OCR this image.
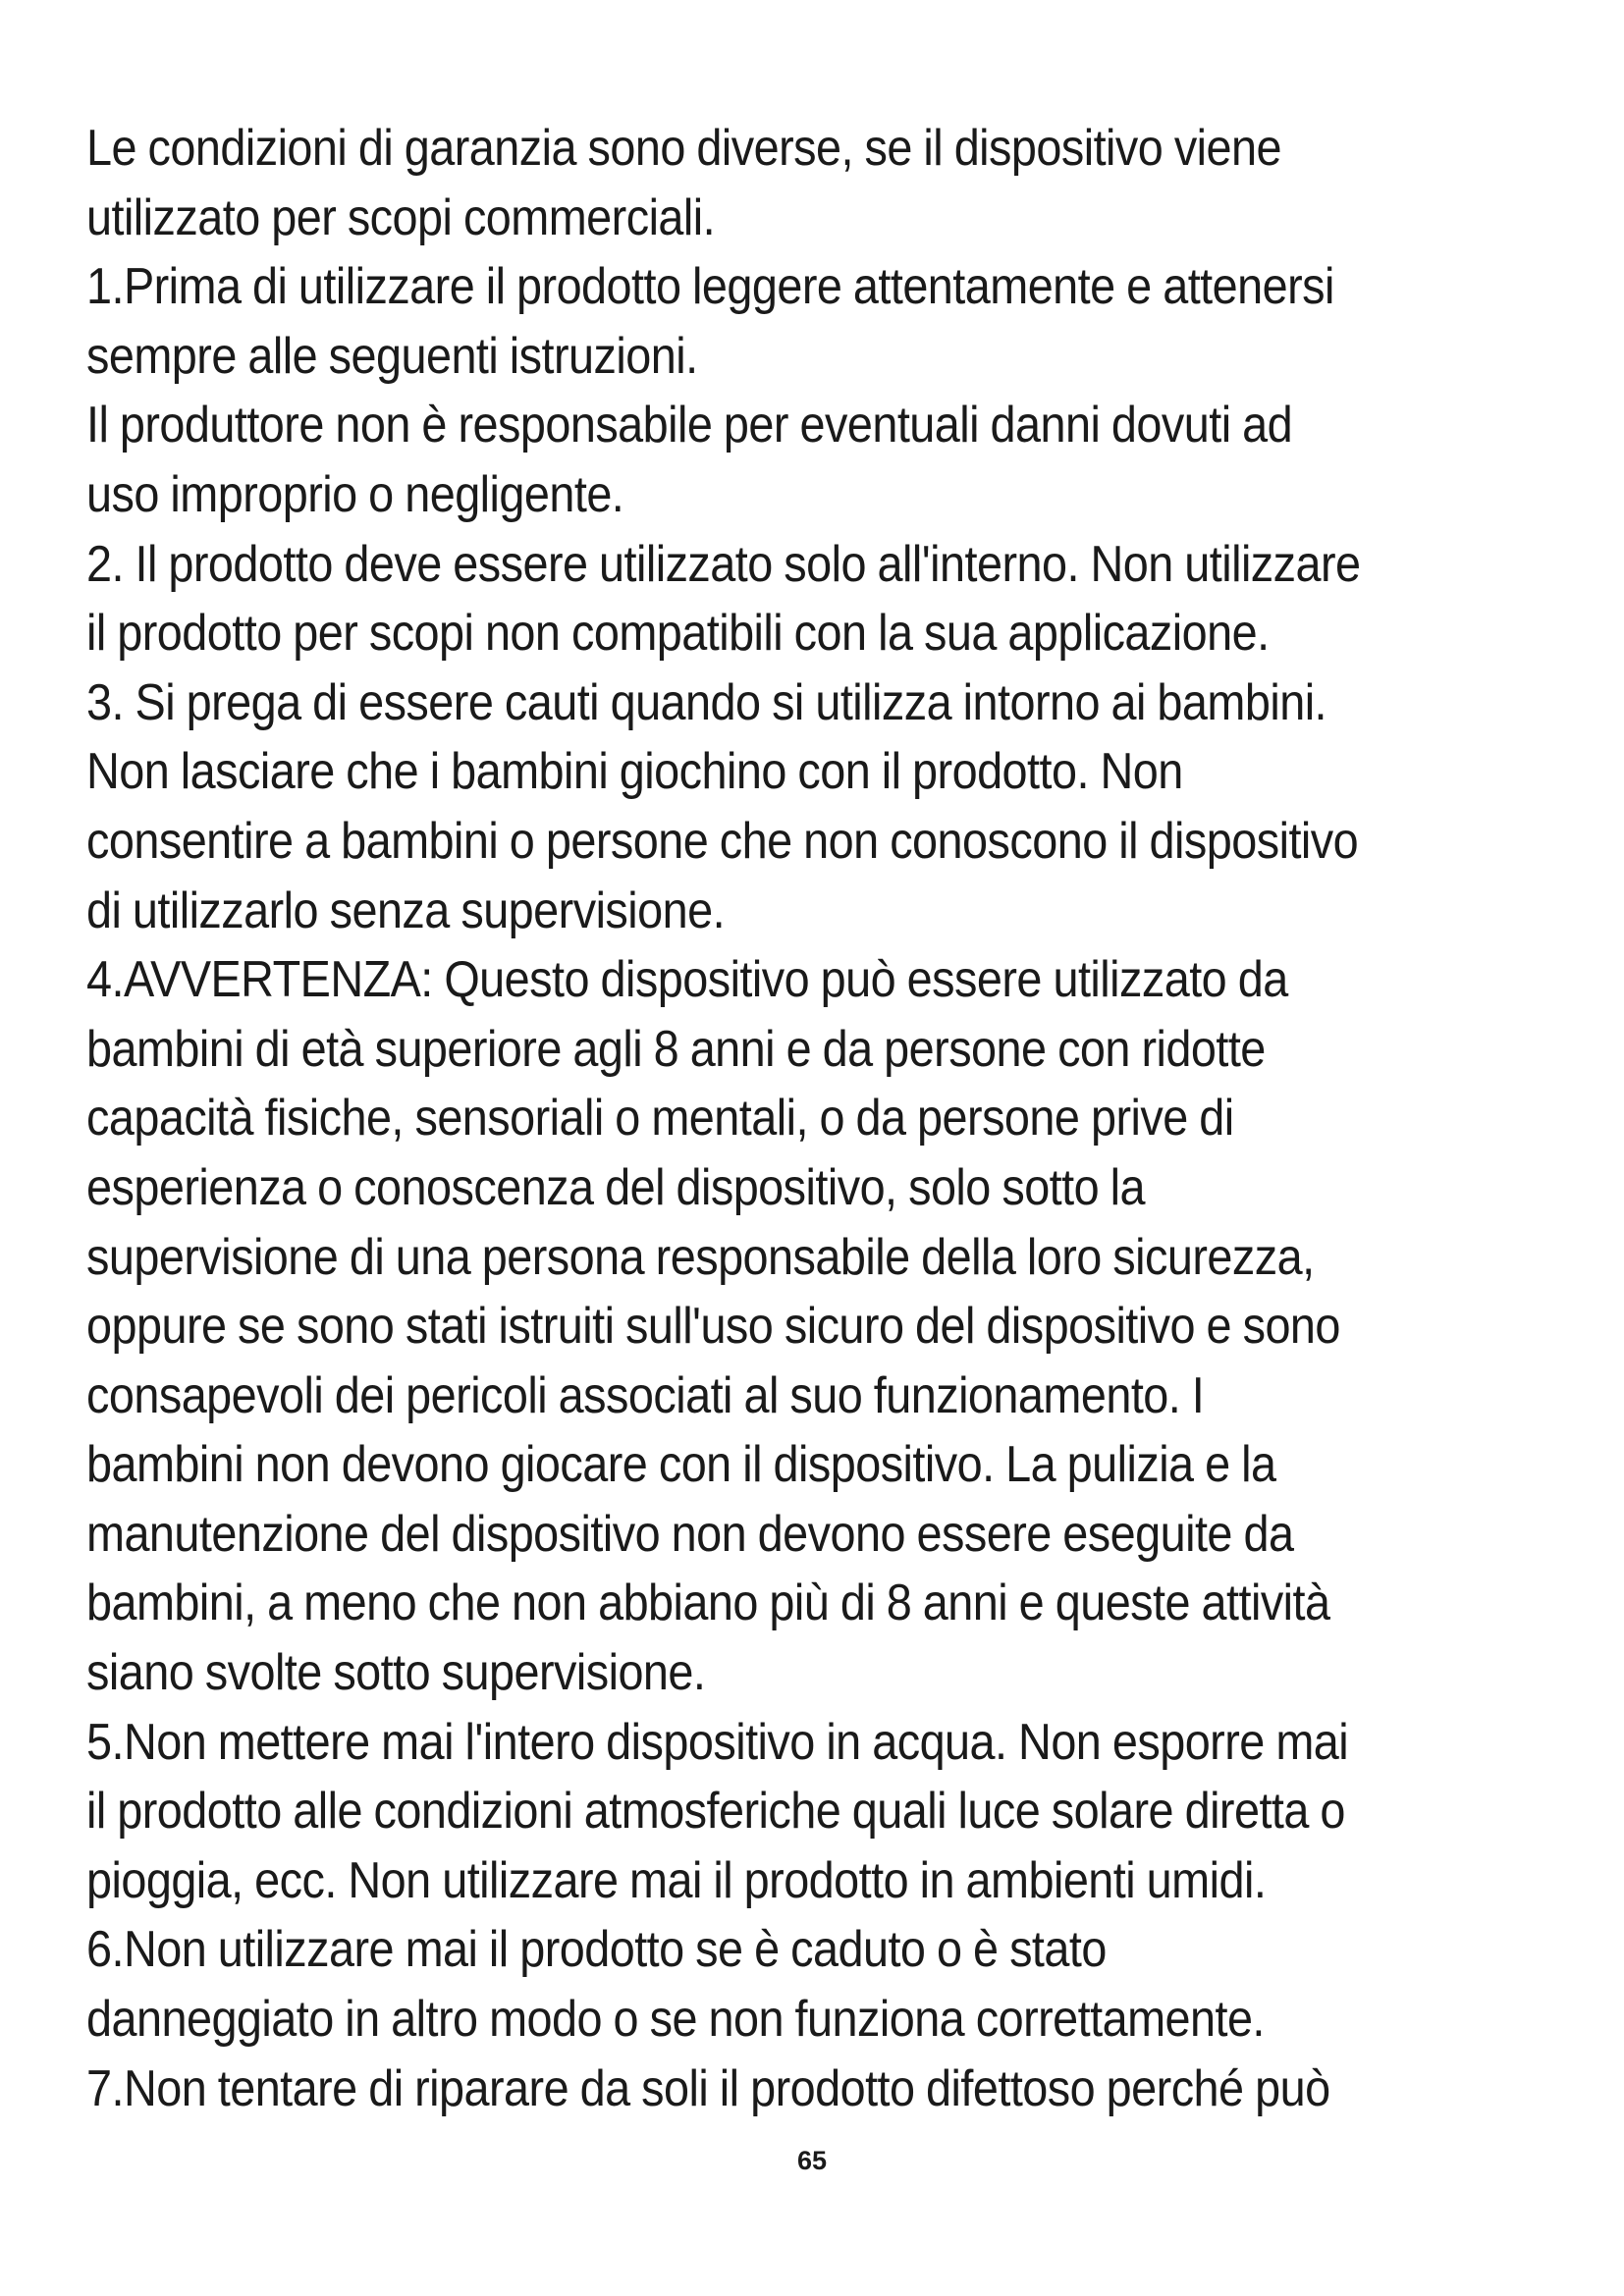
Le condizioni di garanzia sono diverse, se il dispositivo viene
utilizzato per scopi commerciali.

1.Prima di utilizzare il prodotto leggere attentamente e attenersi
sempre alle seguenti istruzioni.

Il produttore non è responsabile per eventuali danni dovuti ad
uso improprio o negligente.

2. Il prodotto deve essere utilizzato solo all'interno. Non utilizzare
il prodotto per scopi non compatibili con la sua applicazione.

3. Si prega di essere cauti quando si utilizza intorno ai bambini.
Non lasciare che i bambini giochino con il prodotto. Non
consentire a bambini o persone che non conoscono il dispositivo
di utilizzarlo senza supervisione.

4.AVVERTENZA: Questo dispositivo può essere utilizzato da
bambini di età superiore agli 8 anni e da persone con ridotte
capacità fisiche, sensoriali o mentali, o da persone prive di
esperienza o conoscenza del dispositivo, solo sotto la
supervisione di una persona responsabile della loro sicurezza,
oppure se sono stati istruiti sull'uso sicuro del dispositivo e sono
consapevoli dei pericoli associati al suo funzionamento. I
bambini non devono giocare con il dispositivo. La pulizia e la
manutenzione del dispositivo non devono essere eseguite da
bambini, a meno che non abbiano più di 8 anni e queste attività
siano svolte sotto supervisione.

5.Non mettere mai l'intero dispositivo in acqua. Non esporre mai
il prodotto alle condizioni atmosferiche quali luce solare diretta o
pioggia, ecc. Non utilizzare mai il prodotto in ambienti umidi.

6.Non utilizzare mai il prodotto se è caduto o è stato
danneggiato in altro modo o se non funziona correttamente.

7.Non tentare di riparare da soli il prodotto difettoso perché può

65
